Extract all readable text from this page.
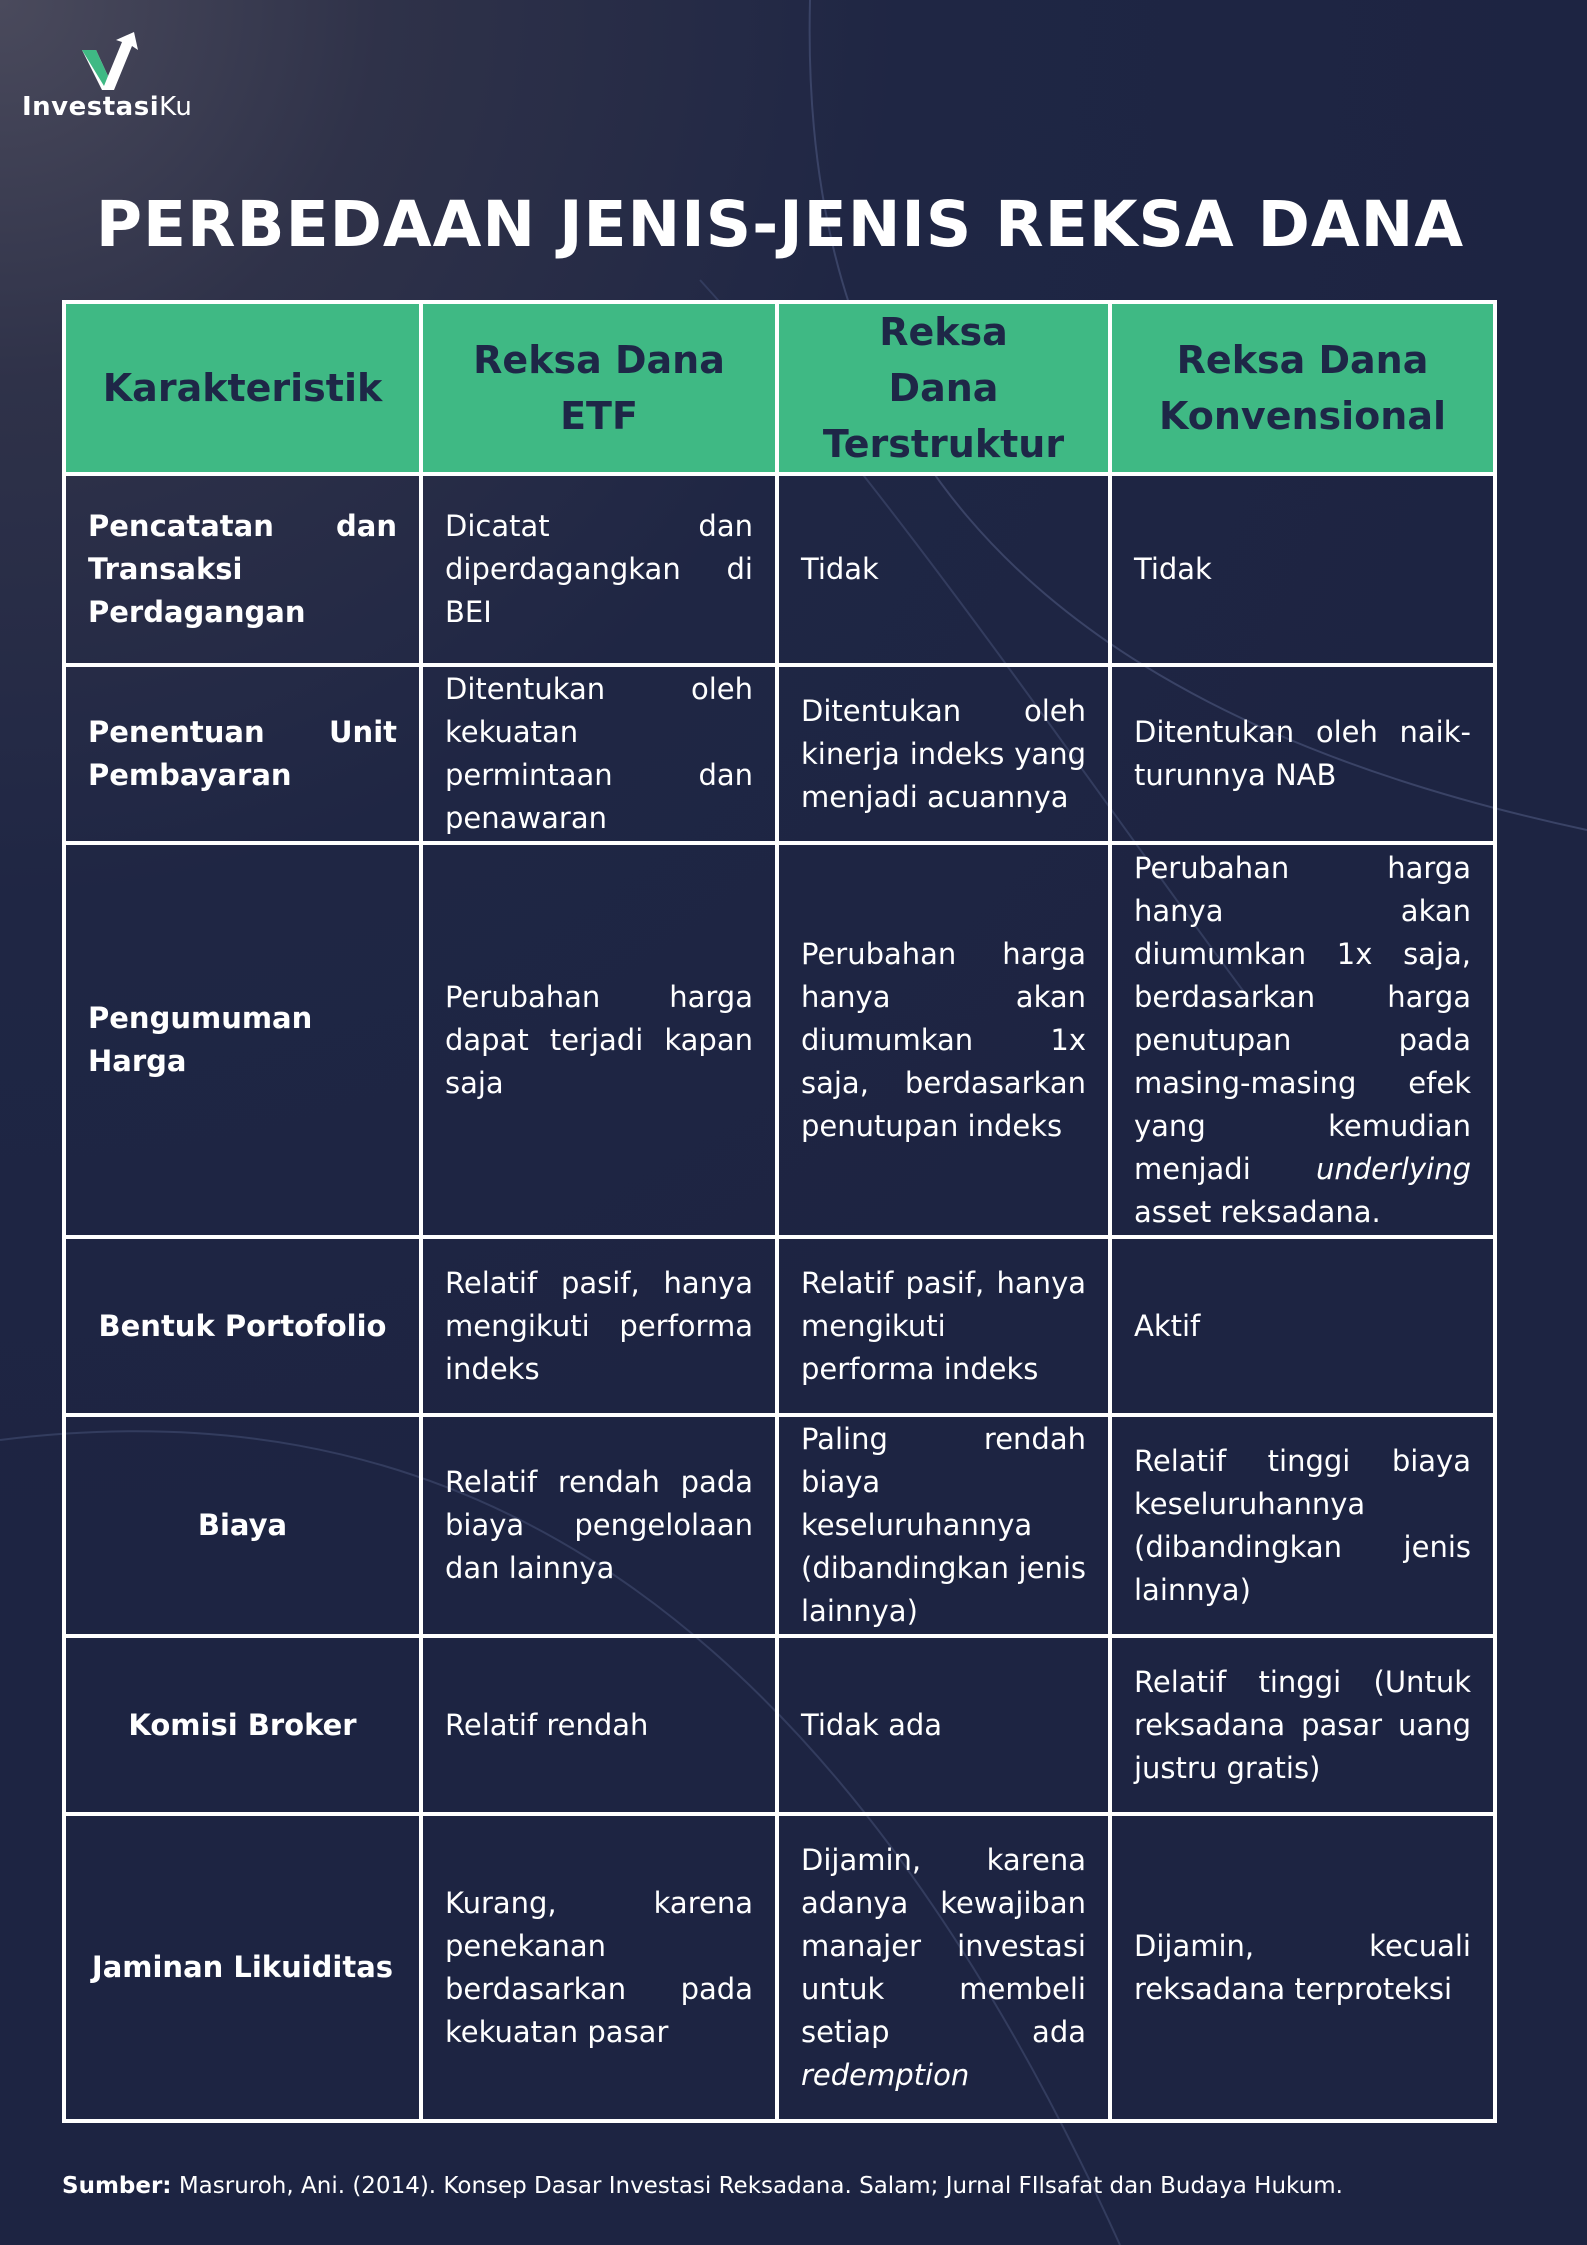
InvestasiKu
PERBEDAAN JENIS-JENIS REKSA DANA
Karakteristik	Reksa Dana ETF	Reksa Dana Terstruktur	Reksa Dana Konvensional
Pencatatan dan Transaksi Perdagangan	Dicatat dan diperdagangkan di BEI	Tidak	Tidak
Penentuan Unit Pembayaran	Ditentukan oleh kekuatan permintaan dan penawaran	Ditentukan oleh kinerja indeks yang menjadi acuannya	Ditentukan oleh naik-turunnya NAB
Pengumuman Harga	Perubahan harga dapat terjadi kapan saja	Perubahan harga hanya akan diumumkan 1x saja, berdasarkan penutupan indeks	Perubahan harga hanya akan diumumkan 1x saja, berdasarkan harga penutupan pada masing-masing efek yang kemudian menjadi underlying asset reksadana.
Bentuk Portofolio	Relatif pasif, hanya mengikuti performa indeks	Relatif pasif, hanya mengikuti performa indeks	Aktif
Biaya	Relatif rendah pada biaya pengelolaan dan lainnya	Paling rendah biaya keseluruhannya (dibandingkan jenis lainnya)	Relatif tinggi biaya keseluruhannya (dibandingkan jenis lainnya)
Komisi Broker	Relatif rendah	Tidak ada	Relatif tinggi (Untuk reksadana pasar uang justru gratis)
Jaminan Likuiditas	Kurang, karena penekanan berdasarkan pada kekuatan pasar	Dijamin, karena adanya kewajiban manajer investasi untuk membeli setiap ada redemption	Dijamin, kecuali reksadana terproteksi
Sumber: Masruroh, Ani. (2014). Konsep Dasar Investasi Reksadana. Salam; Jurnal FIlsafat dan Budaya Hukum.
